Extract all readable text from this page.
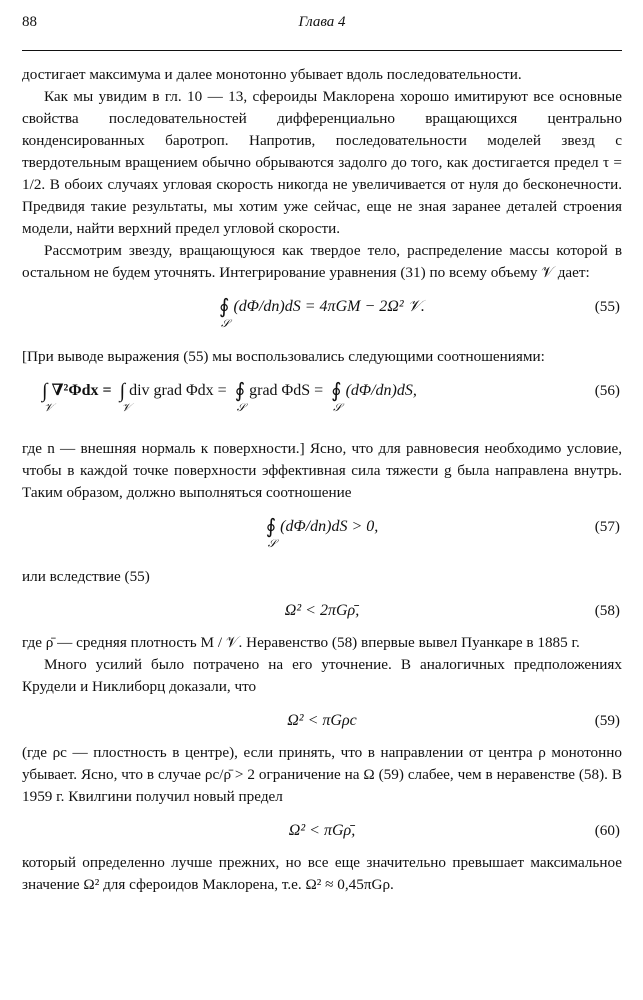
88	Глава 4

достигает максимума и далее монотонно убывает вдоль последовательности.

Как мы увидим в гл. 10 — 13, сфероиды Маклорена хорошо имитируют все основные свойства последовательностей дифференциально вращающихся центрально конденсированных баротроп. Напротив, последовательности моделей звезд с твердотельным вращением обычно обрываются задолго до того, как достигается предел τ = 1/2. В обоих случаях угловая скорость никогда не увеличивается от нуля до бесконечности. Предвидя такие результаты, мы хотим уже сейчас, еще не зная заранее деталей строения модели, найти верхний предел угловой скорости.

Рассмотрим звезду, вращающуюся как твердое тело, распределение массы которой в остальном не будем уточнять. Интегрирование уравнения (31) по всему объему 𝒱 дает:

∮
𝒮
(dΦ/dn)dS = 4πGM − 2Ω² 𝒱.	(55)

[При выводе выражения (55) мы воспользовались следующими соотношениями:

∫
𝒱
∇²Φdx = ∫
𝒱
div grad Φdx = ∮
𝒮
grad ΦdS = ∮
𝒮
(dΦ/dn)dS,	(56)

где n — внешняя нормаль к поверхности.] Ясно, что для равновесия необходимо условие, чтобы в каждой точке поверхности эффективная сила тяжести g была направлена внутрь. Таким образом, должно выполняться соотношение

∮
𝒮
(dΦ/dn)dS > 0,	(57)

или вследствие (55)

Ω² < 2πGρ̄,	(58)

где ρ̄ — средняя плотность M / 𝒱. Неравенство (58) впервые вывел Пуанкаре в 1885 г.

Много усилий было потрачено на его уточнение. В аналогичных предположениях Крудели и Никлиборц доказали, что

Ω² < πGρc	(59)

(где ρc — плостность в центре), если принять, что в направлении от центра ρ монотонно убывает. Ясно, что в случае ρc/ρ̄ > 2 ограничение на Ω (59) слабее, чем в неравенстве (58). В 1959 г. Квилгини получил новый предел

Ω² < πGρ̄,	(60)

который определенно лучше прежних, но все еще значительно превышает максимальное значение Ω² для сфероидов Маклорена, т.е. Ω² ≈ 0,45πGρ.
